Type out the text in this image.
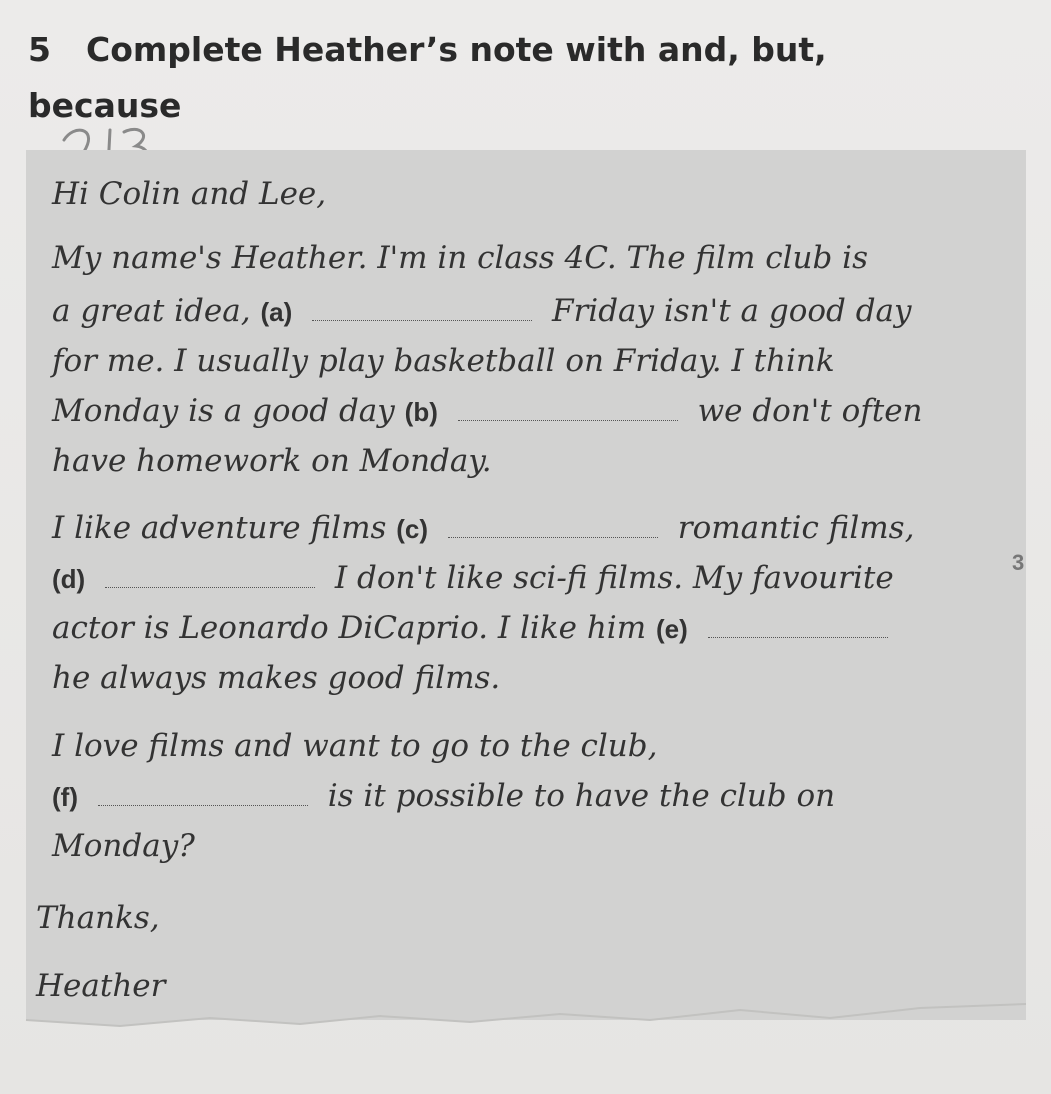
5 Complete Heather’s note with and, but, because
Hi Colin and Lee,
My name's Heather. I'm in class 4C. The film club is
a great idea, (a)	Friday isn't a good day
for me. I usually play basketball on Friday. I think
Monday is a good day (b)	we don't often
have homework on Monday.
I like adventure films (c)	romantic films,
(d)	I don't like sci-fi films. My favourite
actor is Leonardo DiCaprio. I like him (e)
he always makes good films.
I love films and want to go to the club,
(f)	is it possible to have the club on
Monday?
Thanks,
Heather
3
